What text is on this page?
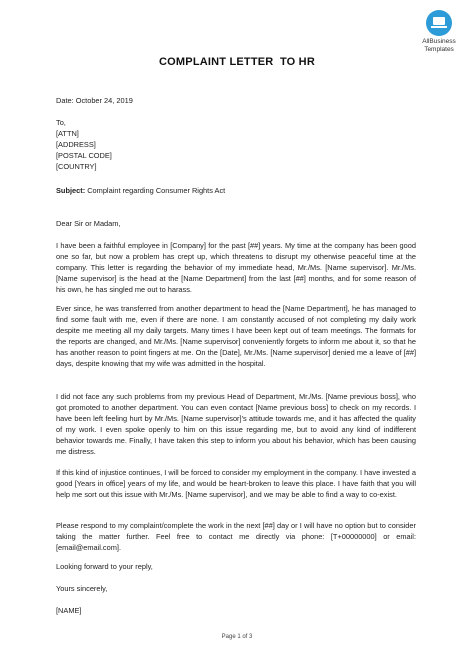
AllBusiness
Templates
COMPLAINT LETTER  TO HR
Date: October 24, 2019
To,
[ATTN]
[ADDRESS]
[POSTAL CODE]
[COUNTRY]
Subject: Complaint regarding Consumer Rights Act
Dear Sir or Madam,

I have been a faithful employee in [Company] for the past [##] years. My time at the company has been good one so far, but now a problem has crept up, which threatens to disrupt my otherwise peaceful time at the company. This letter is regarding the behavior of my immediate head, Mr./Ms. [Name supervisor]. Mr./Ms. [Name supervisor] is the head at the [Name Department] from the last [##] months, and for some reason of his own, he has singled me out to harass.

Ever since, he was transferred from another department to head the [Name Department], he has managed to find some fault with me, even if there are none. I am constantly accused of not completing my daily work despite me meeting all my daily targets. Many times I have been kept out of team meetings. The formats for the reports are changed, and Mr./Ms. [Name supervisor] conveniently forgets to inform me about it, so that he has another reason to point fingers at me. On the [Date], Mr./Ms. [Name supervisor] denied me a leave of [##] days, despite knowing that my wife was admitted in the hospital.

I did not face any such problems from my previous Head of Department, Mr./Ms. [Name previous boss], who got promoted to another department. You can even contact [Name previous boss] to check on my records. I have been left feeling hurt by Mr./Ms. [Name supervisor]'s attitude towards me, and it has affected the quality of my work. I even spoke openly to him on this issue regarding me, but to avoid any kind of indifferent behavior towards me. Finally, I have taken this step to inform you about his behavior, which has been causing me distress.

If this kind of injustice continues, I will be forced to consider my employment in the company. I have invested a good [Years in office] years of my life, and would be heart-broken to leave this place. I have faith that you will help me sort out this issue with Mr./Ms. [Name supervisor], and we may be able to find a way to co-exist.

Please respond to my complaint/complete the work in the next [##] day or I will have no option but to consider taking the matter further. Feel free to contact me directly via phone: [T+00000000] or email: [email@email.com].

Looking forward to your reply,
Yours sincerely,
[NAME]
Page 1 of 3
